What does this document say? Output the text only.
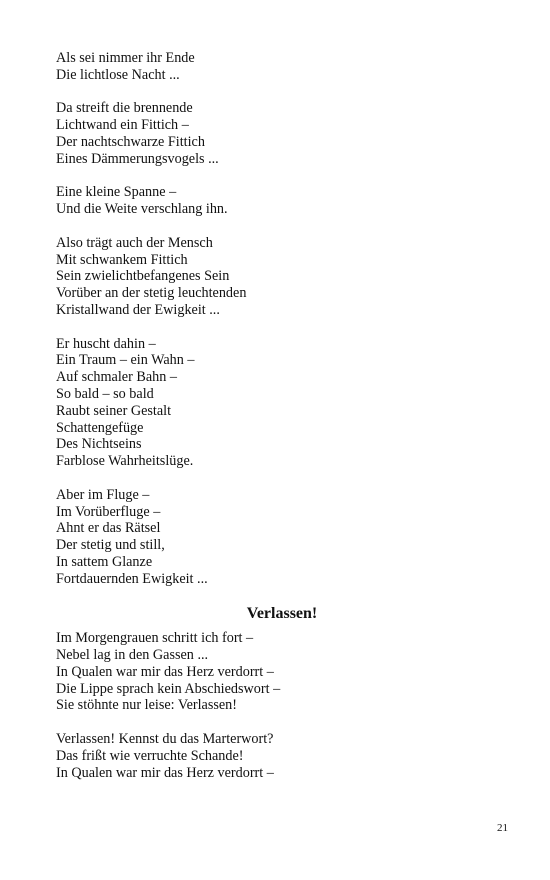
Als sei nimmer ihr Ende
Die lichtlose Nacht ...
Da streift die brennende
Lichtwand ein Fittich –
Der nachtschwarze Fittich
Eines Dämmerungsvogels ...
Eine kleine Spanne –
Und die Weite verschlang ihn.
Also trägt auch der Mensch
Mit schwankem Fittich
Sein zwielichtbefangenes Sein
Vorüber an der stetig leuchtenden
Kristallwand der Ewigkeit ...
Er huscht dahin –
Ein Traum – ein Wahn –
Auf schmaler Bahn –
So bald – so bald
Raubt seiner Gestalt
Schattengefüge
Des Nichtseins
Farblose Wahrheitslüge.
Aber im Fluge –
Im Vorüberfluge –
Ahnt er das Rätsel
Der stetig und still,
In sattem Glanze
Fortdauernden Ewigkeit ...
Verlassen!
Im Morgengrauen schritt ich fort –
Nebel lag in den Gassen ...
In Qualen war mir das Herz verdorrt –
Die Lippe sprach kein Abschiedswort –
Sie stöhnte nur leise: Verlassen!
Verlassen! Kennst du das Marterwort?
Das frißt wie verruchte Schande!
In Qualen war mir das Herz verdorrt –
21
